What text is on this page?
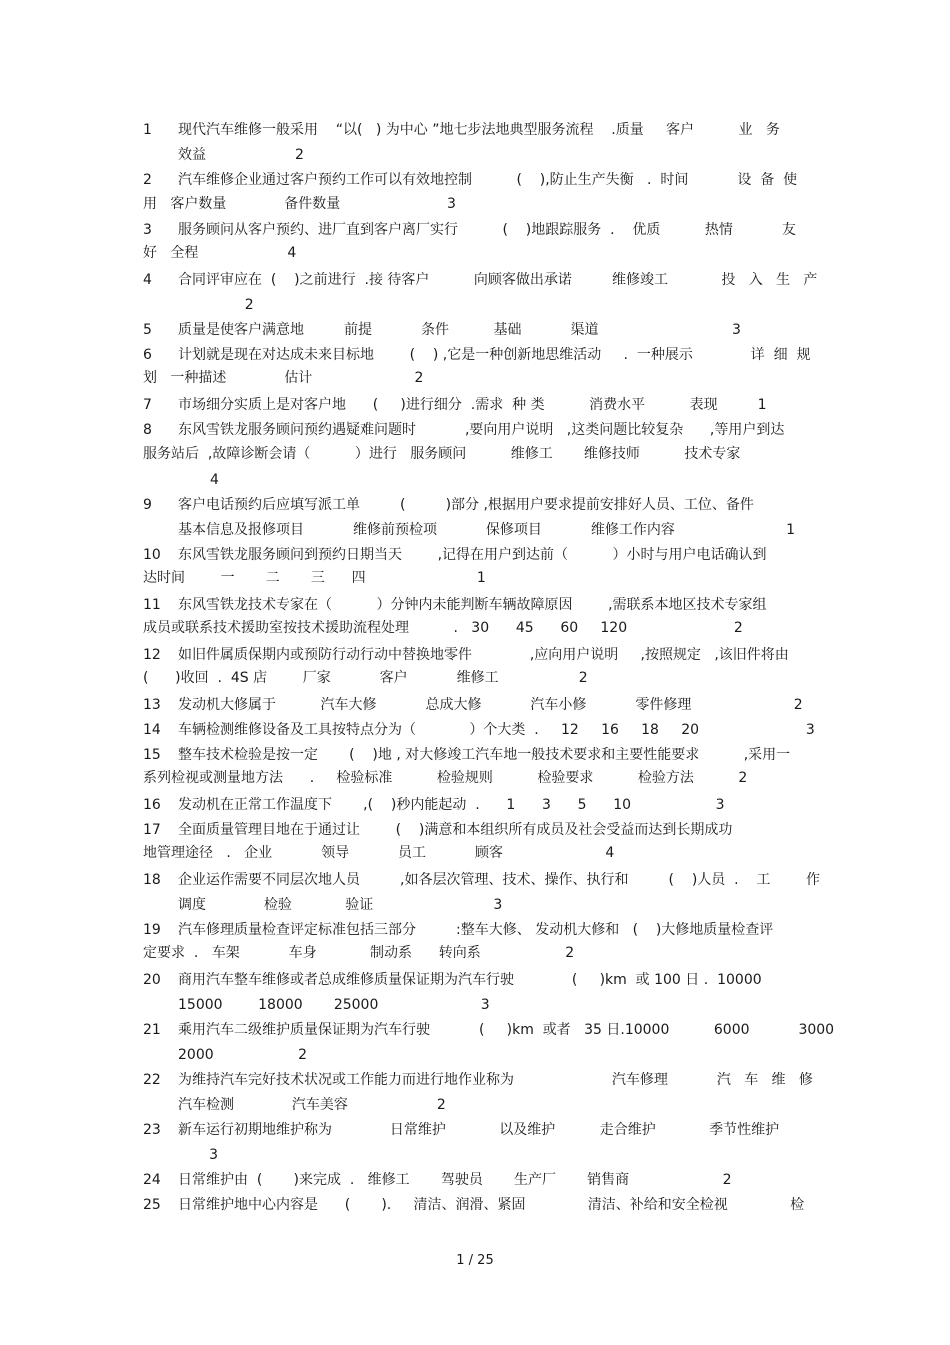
1 现代汽车维修一般采用    “以(   ) 为中心 ”地七步法地典型服务流程    .质量     客户          业   务
效益                    2
2 汽车维修企业通过客户预约工作可以有效地控制          (    ),防止生产失衡   .  时间           设  备  使
用   客户数量             备件数量                        3
3 服务顾问从客户预约、进厂直到客户离厂实行          (    )地跟踪服务  .    优质          热情           友
好   全程                    4
4 合同评审应在  (    )之前进行  .接 待客户          向顾客做出承诺         维修竣工            投   入   生   产
2
5 质量是使客户满意地         前提           条件          基础           渠道                              3
6 计划就是现在对达成未来目标地        (    ) ,它是一种创新地思维活动     .  一种展示             详  细  规
划   一种描述             估计                       2
7 市场细分实质上是对客户地      (     )进行细分  .需求  种 类          消费水平          表现         1
8 东风雪铁龙服务顾问预约遇疑难问题时           ,要向用户说明   ,这类问题比较复杂      ,等用户到达
服务站后  ,故障诊断会请（          ）进行   服务顾问          维修工       维修技师          技术专家
4
9 客户电话预约后应填写派工单         (         )部分 ,根据用户要求提前安排好人员、工位、备件
基本信息及报修项目           维修前预检项           保修项目           维修工作内容                         1
10 东风雪铁龙服务顾问到预约日期当天        ,记得在用户到达前（          ）小时与用户电话确认到
达时间        一       二       三      四                         1
11 东风雪铁龙技术专家在（          ）分钟内未能判断车辆故障原因        ,需联系本地区技术专家组
成员或联系技术援助室按技术援助流程处理          .   30      45      60     120                        2
12 如旧件属质保期内或预防行动行动中替换地零件             ,应向用户说明     ,按照规定   ,该旧件将由
(      )收回  .  4S 店        厂家           客户           维修工                  2
13 发动机大修属于          汽车大修           总成大修           汽车小修           零件修理                       2
14 车辆检测维修设备及工具按特点分为（            ）个大类  .     12     16     18     20                        3
15 整车技术检验是按一定       (    )地 , 对大修竣工汽车地一般技术要求和主要性能要求          ,采用一
系列检视或测量地方法      .     检验标准          检验规则          检验要求          检验方法          2
16 发动机在正常工作温度下       ,(    )秒内能起动  .      1      3      5      10                   3
17 全面质量管理目地在于通过让        (    )满意和本组织所有成员及社会受益而达到长期成功
地管理途径   .   企业           领导           员工           顾客                       4
18 企业运作需要不同层次地人员         ,如各层次管理、技术、操作、执行和         (    )人员  .    工        作
调度             检验            验证                           3
19 汽车修理质量检查评定标准包括三部分         :整车大修、 发动机大修和   (    )大修地质量检查评
定要求  .   车架           车身            制动系      转向系                   2
20 商用汽车整车维修或者总成维修质量保证期为汽车行驶             (     )km  或 100 日 .  10000
15000        18000       25000                       3
21 乘用汽车二级维护质量保证期为汽车行驶           (     )km  或者   35 日.10000          6000           3000
2000                   2
22 为维持汽车完好技术状况或工作能力而进行地作业称为                      汽车修理           汽   车   维   修
汽车检测             汽车美容                    2
23 新车运行初期地维护称为             日常维护            以及维护          走合维护            季节性维护
3
24 日常维护由  (       )来完成  .   维修工       驾驶员       生产厂       销售商                     2
25 日常维护地中心内容是      (       ).     清洁、润滑、紧固              清洁、补给和安全检视              检
1 / 25
